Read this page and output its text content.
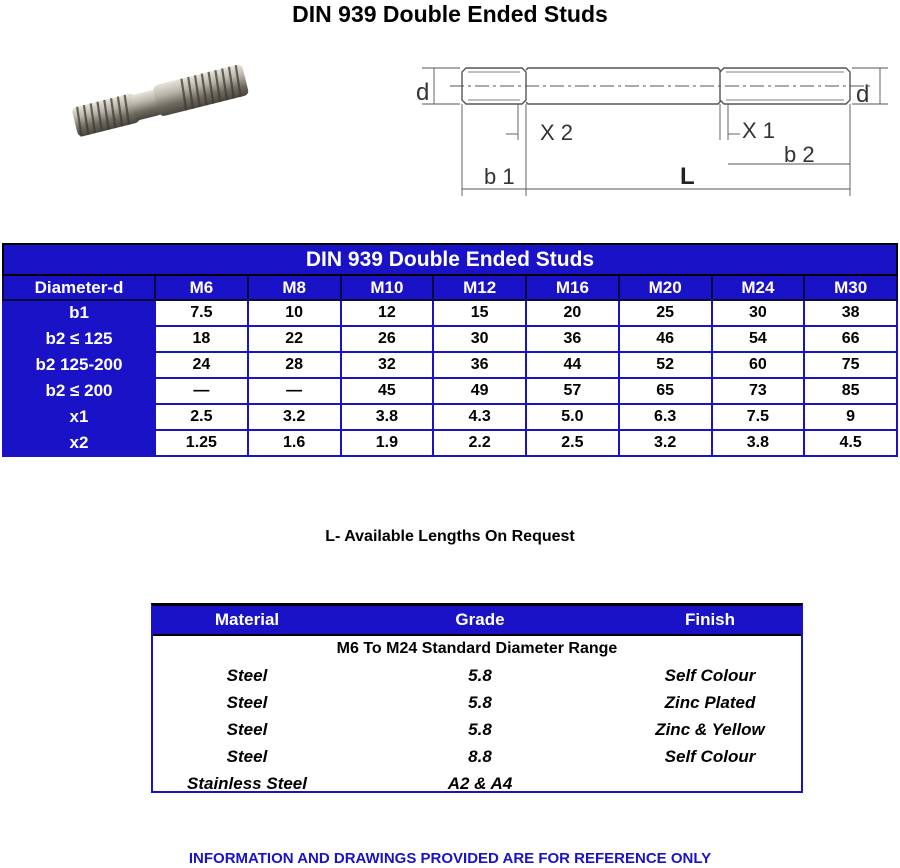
DIN 939 Double Ended Studs
d	d
X 2	X 1
b 1
b 2
L
DIN 939 Double Ended Studs								
Diameter-d	M6	M8	M10	M12	M16	M20	M24	M30
b1	7.5	10	12	15	20	25	30	38
b2 ≤ 125	18	22	26	30	36	46	54	66
b2 125-200	24	28	32	36	44	52	60	75
b2 ≤ 200	—	—	45	49	57	65	73	85
x1	2.5	3.2	3.8	4.3	5.0	6.3	7.5	9
x2	1.25	1.6	1.9	2.2	2.5	3.2	3.8	4.5
L- Available Lengths On Request
Material	Grade	Finish
M6 To M24 Standard Diameter Range
Steel	5.8	Self Colour
Steel	5.8	Zinc Plated
Steel	5.8	Zinc & Yellow
Steel	8.8	Self Colour
Stainless Steel	A2 & A4
INFORMATION AND DRAWINGS PROVIDED ARE FOR REFERENCE ONLY
